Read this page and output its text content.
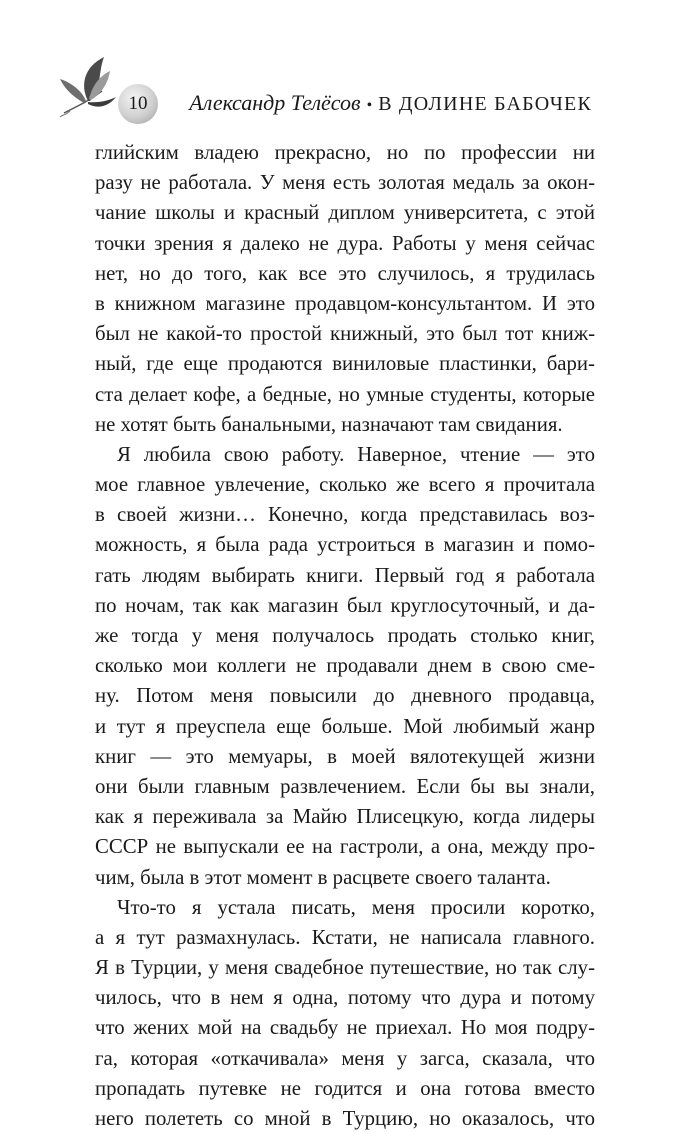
10	Александр Телёсов • В ДОЛИНЕ БАБОЧЕК
глийским владею прекрасно, но по профессии ни
разу не работала. У меня есть золотая медаль за окон-
чание школы и красный диплом университета, с этой
точки зрения я далеко не дура. Работы у меня сейчас
нет, но до того, как все это случилось, я трудилась
в книжном магазине продавцом-консультантом. И это
был не какой-то простой книжный, это был тот книж-
ный, где еще продаются виниловые пластинки, бари-
ста делает кофе, а бедные, но умные студенты, которые
не хотят быть банальными, назначают там свидания.
Я любила свою работу. Наверное, чтение — это
мое главное увлечение, сколько же всего я прочитала
в своей жизни… Конечно, когда представилась воз-
можность, я была рада устроиться в магазин и помо-
гать людям выбирать книги. Первый год я работала
по ночам, так как магазин был круглосуточный, и да-
же тогда у меня получалось продать столько книг,
сколько мои коллеги не продавали днем в свою сме-
ну. Потом меня повысили до дневного продавца,
и тут я преуспела еще больше. Мой любимый жанр
книг — это мемуары, в моей вялотекущей жизни
они были главным развлечением. Если бы вы знали,
как я переживала за Майю Плисецкую, когда лидеры
СССР не выпускали ее на гастроли, а она, между про-
чим, была в этот момент в расцвете своего таланта.
Что-то я устала писать, меня просили коротко,
а я тут размахнулась. Кстати, не написала главного.
Я в Турции, у меня свадебное путешествие, но так слу-
чилось, что в нем я одна, потому что дура и потому
что жених мой на свадьбу не приехал. Но моя подру-
га, которая «откачивала» меня у загса, сказала, что
пропадать путевке не годится и она готова вместо
него полететь со мной в Турцию, но оказалось, что
